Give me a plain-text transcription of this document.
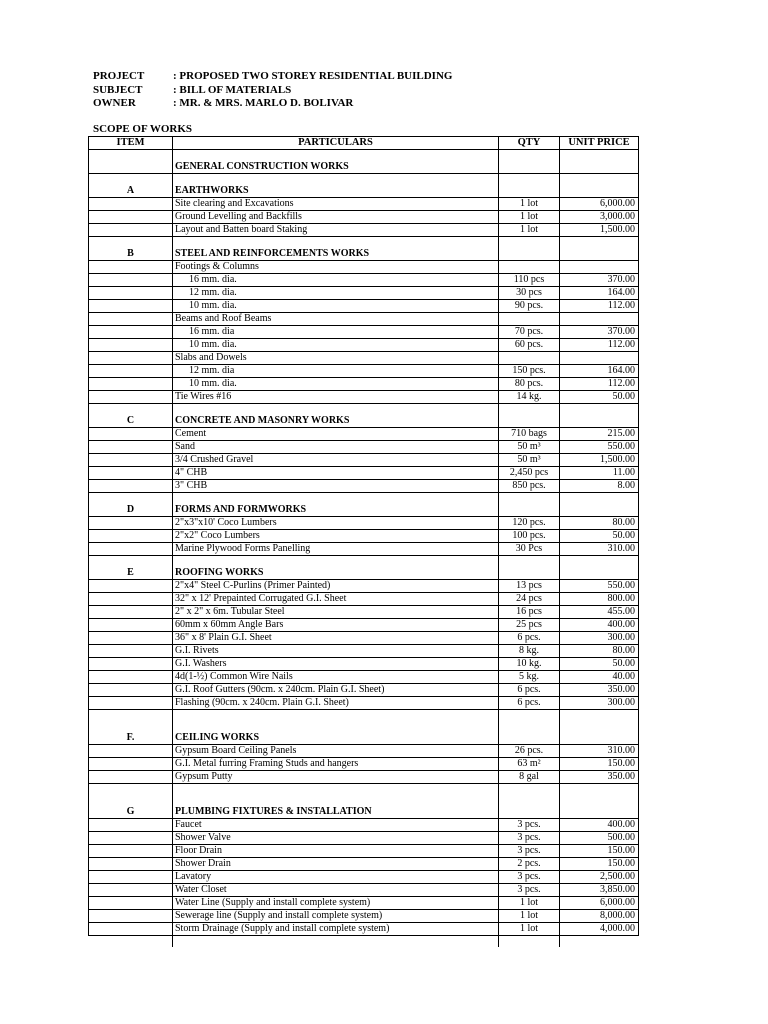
PROJECT	: PROPOSED TWO STOREY RESIDENTIAL BUILDING
SUBJECT	: BILL OF MATERIALS
OWNER	: MR. & MRS. MARLO D. BOLIVAR
SCOPE OF WORKS
ITEM	PARTICULARS	QTY	UNIT PRICE

	GENERAL CONSTRUCTION WORKS		

A	EARTHWORKS		
	Site clearing and Excavations	1 lot	6,000.00
	Ground Levelling and Backfills	1 lot	3,000.00
	Layout and Batten board Staking	1 lot	1,500.00

B	STEEL AND REINFORCEMENTS WORKS		
	Footings & Columns		
	16 mm. dia.	110 pcs	370.00
	12 mm. dia.	30 pcs	164.00
	10 mm. dia.	90 pcs.	112.00
	Beams and Roof Beams		
	16 mm. dia	70 pcs.	370.00
	10 mm. dia.	60 pcs.	112.00
	Slabs and Dowels		
	12 mm. dia	150 pcs.	164.00
	10 mm. dia.	80 pcs.	112.00
	Tie Wires #16	14 kg.	50.00

C	CONCRETE AND MASONRY WORKS		
	Cement	710 bags	215.00
	Sand	50 m³	550.00
	3/4 Crushed Gravel	50 m³	1,500.00
	4" CHB	2,450 pcs	11.00
	3" CHB	850 pcs.	8.00

D	FORMS AND FORMWORKS		
	2"x3"x10' Coco Lumbers	120 pcs.	80.00
	2"x2" Coco Lumbers	100 pcs.	50.00
	Marine Plywood Forms Panelling	30 Pcs	310.00

E	ROOFING WORKS		
	2"x4" Steel C-Purlins (Primer Painted)	13 pcs	550.00
	32" x 12' Prepainted Corrugated G.I. Sheet	24 pcs	800.00
	2" x 2" x 6m. Tubular Steel	16 pcs	455.00
	60mm x 60mm Angle Bars	25 pcs	400.00
	36" x 8' Plain G.I. Sheet	6 pcs.	300.00
	G.I. Rivets	8 kg.	80.00
	G.I. Washers	10 kg.	50.00
	4d(1-½) Common Wire Nails	5 kg.	40.00
	G.I. Roof Gutters (90cm. x 240cm. Plain G.I. Sheet)	6 pcs.	350.00
	Flashing (90cm. x 240cm. Plain G.I. Sheet)	6 pcs.	300.00

F.	CEILING WORKS		
	Gypsum Board Ceiling Panels	26 pcs.	310.00
	G.I. Metal furring Framing Studs and hangers	63 m²	150.00
	Gypsum Putty	8 gal	350.00

G	PLUMBING FIXTURES & INSTALLATION		
	Faucet	3 pcs.	400.00
	Shower Valve	3 pcs.	500.00
	Floor Drain	3 pcs.	150.00
	Shower Drain	2 pcs.	150.00
	Lavatory	3 pcs.	2,500.00
	Water Closet	3 pcs.	3,850.00
	Water Line (Supply and install complete system)	1 lot	6,000.00
	Sewerage line (Supply and install complete system)	1 lot	8,000.00
	Storm Drainage (Supply and install complete system)	1 lot	4,000.00
